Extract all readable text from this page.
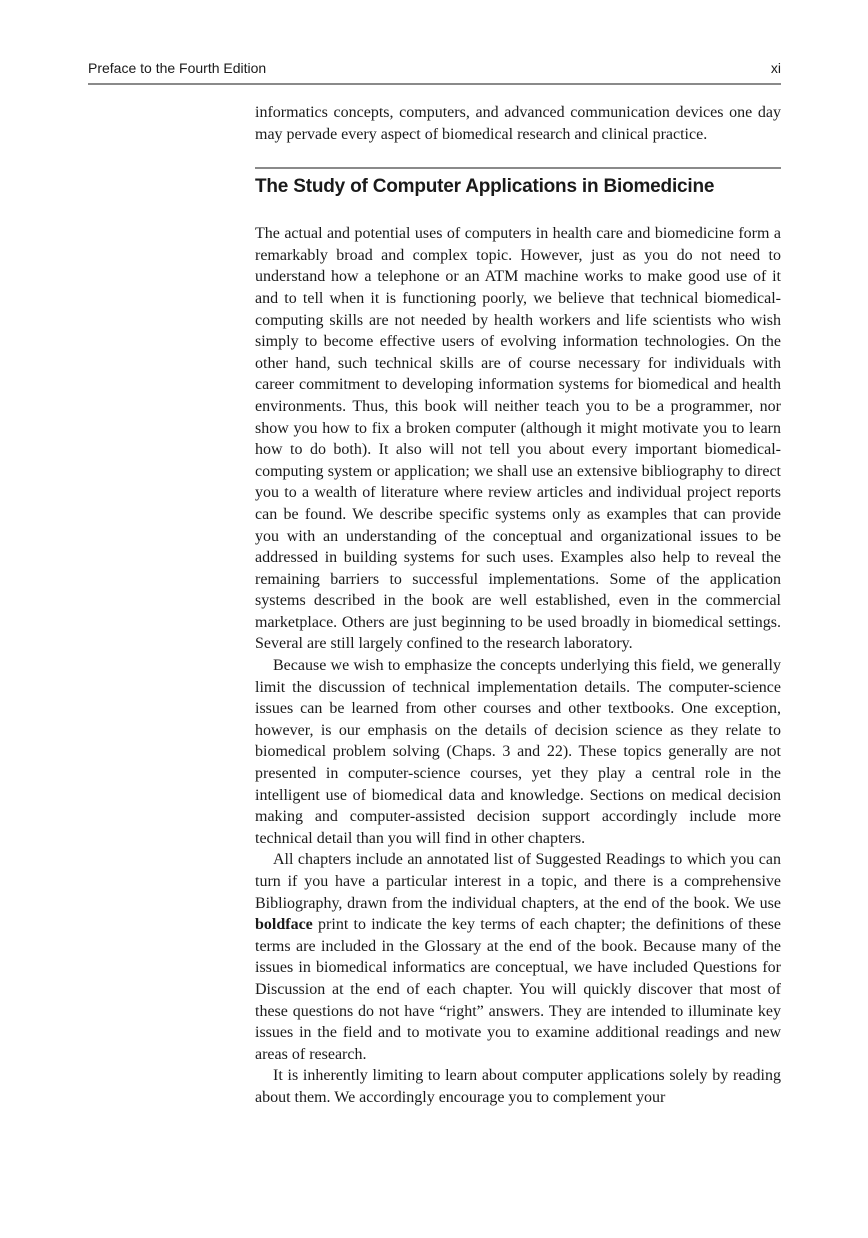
Preface to the Fourth Edition	xi

informatics concepts, computers, and advanced communication devices one day may pervade every aspect of biomedical research and clinical practice.

The Study of Computer Applications in Biomedicine

The actual and potential uses of computers in health care and biomedicine form a remarkably broad and complex topic. However, just as you do not need to understand how a telephone or an ATM machine works to make good use of it and to tell when it is functioning poorly, we believe that technical biomedical-computing skills are not needed by health workers and life scientists who wish simply to become effective users of evolving information technologies. On the other hand, such technical skills are of course necessary for individuals with career commitment to developing information systems for biomedical and health environments. Thus, this book will neither teach you to be a programmer, nor show you how to fix a broken computer (although it might motivate you to learn how to do both). It also will not tell you about every important biomedical-computing system or application; we shall use an extensive bibliography to direct you to a wealth of literature where review articles and individual project reports can be found. We describe specific systems only as examples that can provide you with an understanding of the conceptual and organizational issues to be addressed in building systems for such uses. Examples also help to reveal the remaining barriers to successful implementations. Some of the application systems described in the book are well established, even in the commercial marketplace. Others are just beginning to be used broadly in biomedical settings. Several are still largely confined to the research laboratory.

Because we wish to emphasize the concepts underlying this field, we generally limit the discussion of technical implementation details. The computer-science issues can be learned from other courses and other textbooks. One exception, however, is our emphasis on the details of decision science as they relate to biomedical problem solving (Chaps. 3 and 22). These topics generally are not presented in computer-science courses, yet they play a central role in the intelligent use of biomedical data and knowledge. Sections on medical decision making and computer-assisted decision support accordingly include more technical detail than you will find in other chapters.

All chapters include an annotated list of Suggested Readings to which you can turn if you have a particular interest in a topic, and there is a comprehensive Bibliography, drawn from the individual chapters, at the end of the book. We use boldface print to indicate the key terms of each chapter; the definitions of these terms are included in the Glossary at the end of the book. Because many of the issues in biomedical informatics are conceptual, we have included Questions for Discussion at the end of each chapter. You will quickly discover that most of these questions do not have “right” answers. They are intended to illuminate key issues in the field and to motivate you to examine additional readings and new areas of research.

It is inherently limiting to learn about computer applications solely by reading about them. We accordingly encourage you to complement your
